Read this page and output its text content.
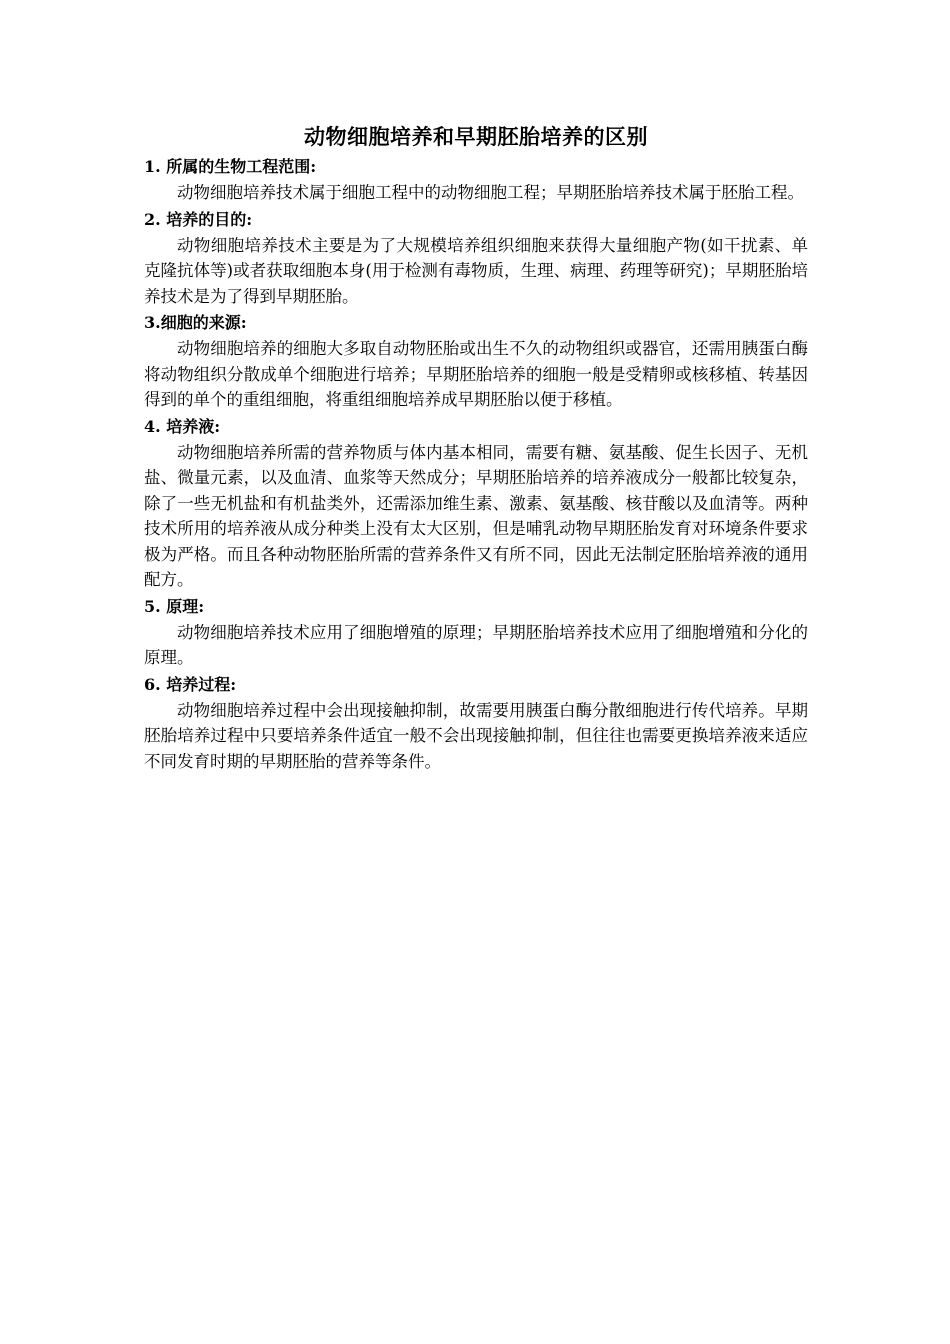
动物细胞培养和早期胚胎培养的区别

1. 所属的生物工程范围:

动物细胞培养技术属于细胞工程中的动物细胞工程；早期胚胎培养技术属于胚胎工程。

2. 培养的目的:

动物细胞培养技术主要是为了大规模培养组织细胞来获得大量细胞产物(如干扰素、单克隆抗体等)或者获取细胞本身(用于检测有毒物质，生理、病理、药理等研究)；早期胚胎培养技术是为了得到早期胚胎。

3.细胞的来源:

动物细胞培养的细胞大多取自动物胚胎或出生不久的动物组织或器官，还需用胰蛋白酶将动物组织分散成单个细胞进行培养；早期胚胎培养的细胞一般是受精卵或核移植、转基因得到的单个的重组细胞，将重组细胞培养成早期胚胎以便于移植。

4. 培养液:

动物细胞培养所需的营养物质与体内基本相同，需要有糖、氨基酸、促生长因子、无机盐、微量元素，以及血清、血浆等天然成分；早期胚胎培养的培养液成分一般都比较复杂，除了一些无机盐和有机盐类外，还需添加维生素、激素、氨基酸、核苷酸以及血清等。两种技术所用的培养液从成分种类上没有太大区别，但是哺乳动物早期胚胎发育对环境条件要求极为严格。而且各种动物胚胎所需的营养条件又有所不同，因此无法制定胚胎培养液的通用配方。

5. 原理:

动物细胞培养技术应用了细胞增殖的原理；早期胚胎培养技术应用了细胞增殖和分化的原理。

6. 培养过程:

动物细胞培养过程中会出现接触抑制，故需要用胰蛋白酶分散细胞进行传代培养。早期胚胎培养过程中只要培养条件适宜一般不会出现接触抑制，但往往也需要更换培养液来适应不同发育时期的早期胚胎的营养等条件。
